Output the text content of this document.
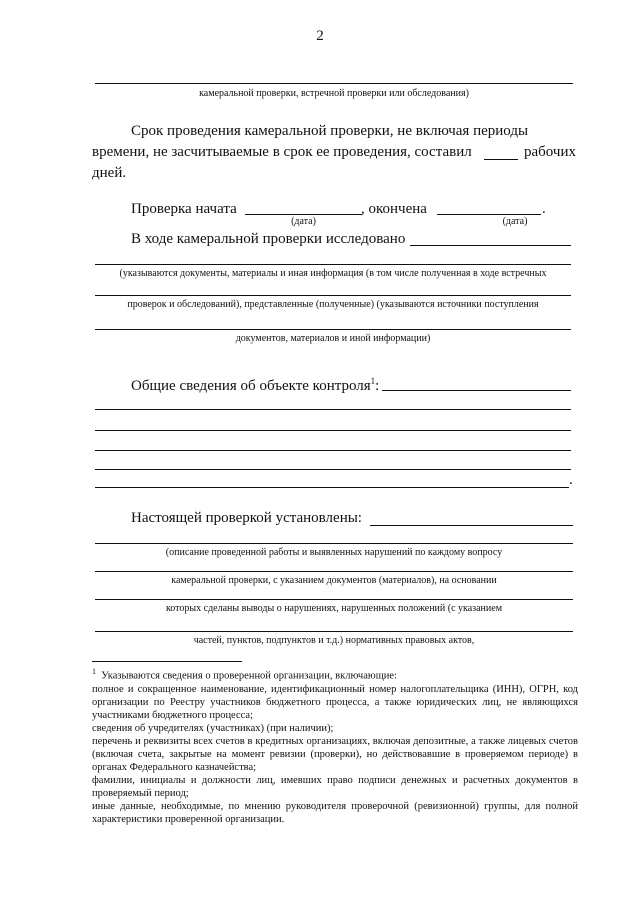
2
камеральной проверки, встречной проверки или обследования)
Срок проведения камеральной проверки, не включая периоды
времени, не засчитываемые в срок ее проведения, составил	рабочих
дней.
Проверка начата
(дата)
, окончена	.
(дата)
В ходе камеральной проверки исследовано
(указываются документы, материалы и иная информация (в том числе полученная в ходе встречных
проверок и обследований), представленные (полученные) (указываются источники поступления
документов, материалов и иной информации)
Общие сведения об объекте контроля$^1$:
.
Настоящей проверкой установлены:
(описание проведенной работы и выявленных нарушений по каждому вопросу
камеральной проверки, с указанием документов (материалов), на основании
которых сделаны выводы о нарушениях, нарушенных положений (с указанием
частей, пунктов, подпунктов и т.д.) нормативных правовых актов,
$^1$ Указываются сведения о проверенной организации, включающие:
полное и сокращенное наименование, идентификационный номер налогоплательщика (ИНН), ОГРН, код организации по Реестру участников бюджетного процесса, а также юридических лиц, не являющихся участниками бюджетного процесса;
сведения об учредителях (участниках) (при наличии);
перечень и реквизиты всех счетов в кредитных организациях, включая депозитные, а также лицевых счетов (включая счета, закрытые на момент ревизии (проверки), но действовавшие в проверяемом периоде) в органах Федерального казначейства;
фамилии, инициалы и должности лиц, имевших право подписи денежных и расчетных документов в проверяемый период;
иные данные, необходимые, по мнению руководителя проверочной (ревизионной) группы, для полной характеристики проверенной организации.
